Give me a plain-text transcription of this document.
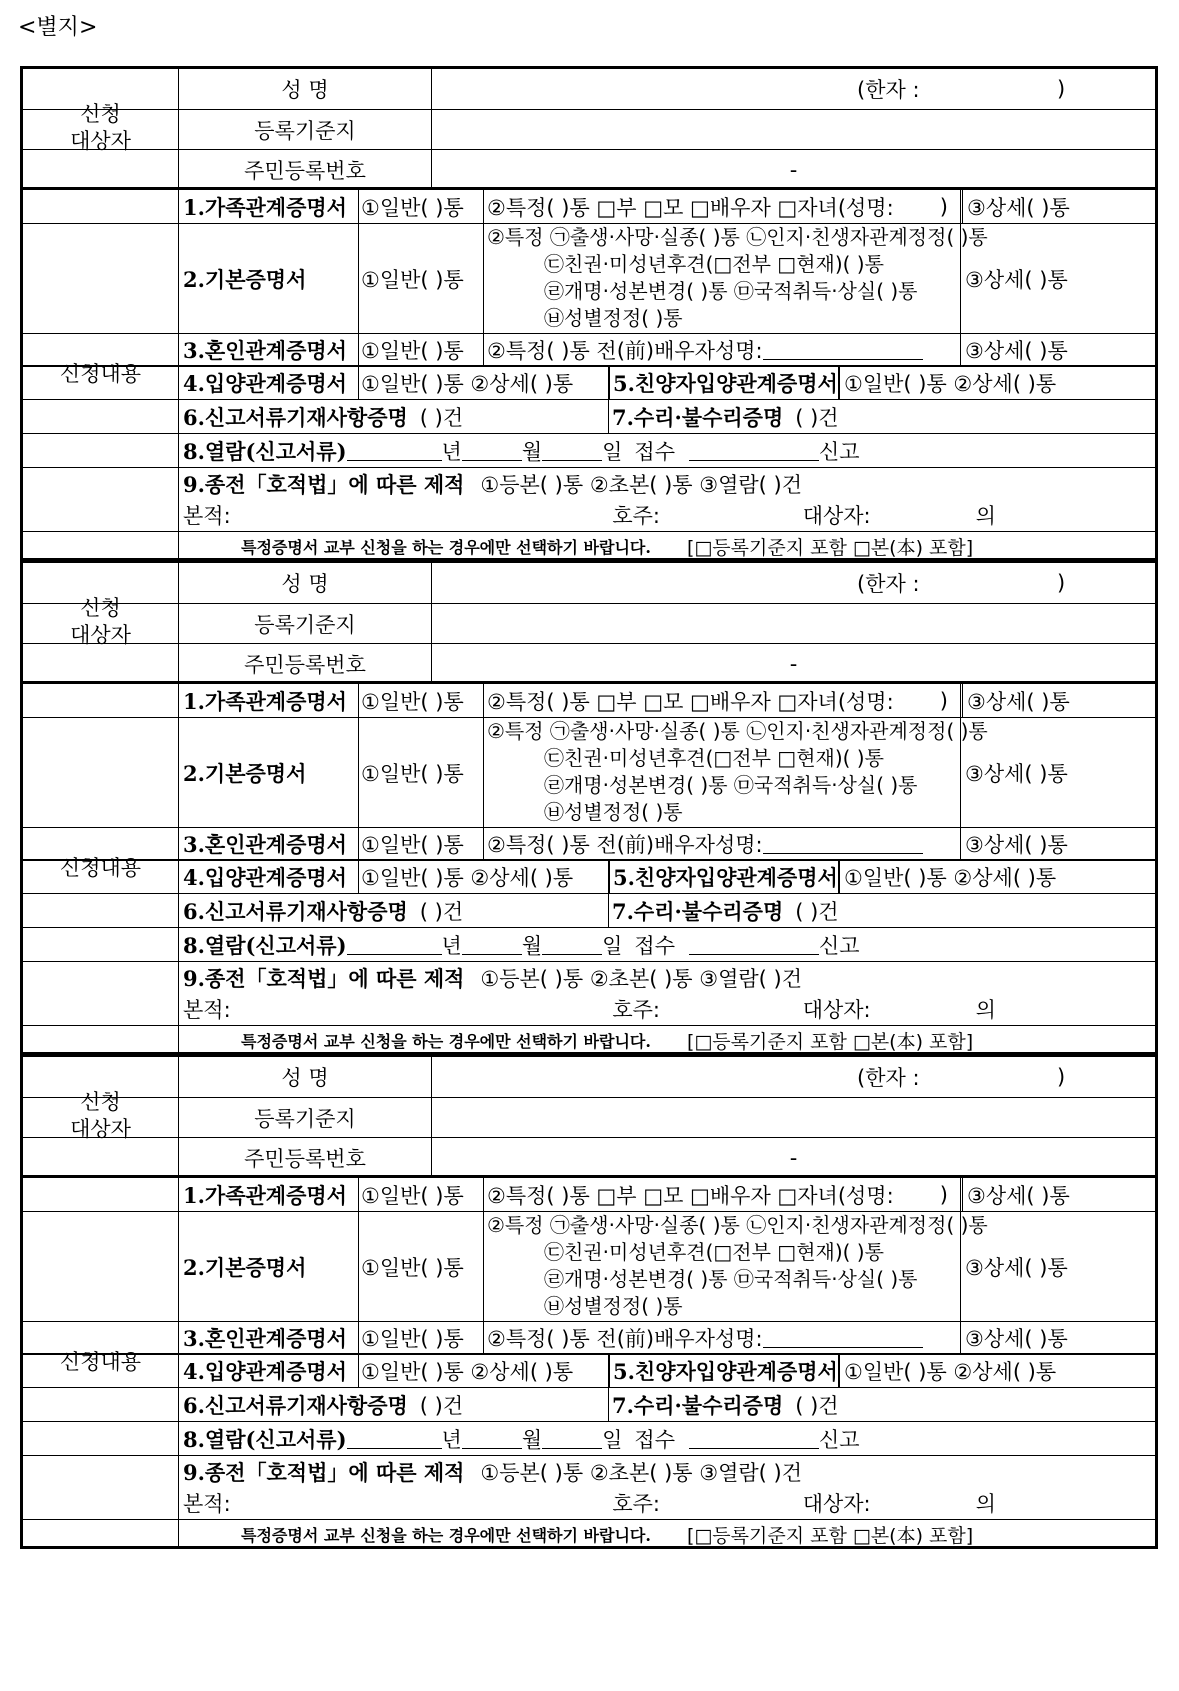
<별지>
신청
대상자
성 명	(한자 :	)
등록기준지
주민등록번호	-
신청내용
1.가족관계증명서 ①일반( )통	②특정( )통 □부 □모 □배우자 □자녀(성명: ) ③상세( )통
2.기본증명서	①일반( )통
②특정 ㉠출생·사망·실종( )통 ㉡인지·친생자관계정정( )통
㉢친권·미성년후견(□전부 □현재)( )통
㉣개명·성본변경( )통 ㉤국적취득·상실( )통
㉥성별정정( )통
③상세( )통
3.혼인관계증명서 ①일반( )통	②특정( )통 전(前)배우자성명:	③상세( )통
4.입양관계증명서 ①일반( )통 ②상세( )통	5.친양자입양관계증명서 ①일반( )통 ②상세( )통
6.신고서류기재사항증명 ( )건	7.수리·불수리증명 ( )건
8.열람(신고서류)	년	월	일 접수	신고
9.종전「호적법」에 따른 제적 ①등본( )통 ②초본( )통 ③열람( )건
본적:	호주:	대상자:	의
특정증명서 교부 신청을 하는 경우에만 선택하기 바랍니다. [□등록기준지 포함 □본(本) 포함]
신청
대상자
성 명	(한자 :	)
등록기준지
주민등록번호	-
신청내용
1.가족관계증명서 ①일반( )통	②특정( )통 □부 □모 □배우자 □자녀(성명: ) ③상세( )통
2.기본증명서	①일반( )통
②특정 ㉠출생·사망·실종( )통 ㉡인지·친생자관계정정( )통
㉢친권·미성년후견(□전부 □현재)( )통
㉣개명·성본변경( )통 ㉤국적취득·상실( )통
㉥성별정정( )통
③상세( )통
3.혼인관계증명서 ①일반( )통	②특정( )통 전(前)배우자성명:	③상세( )통
4.입양관계증명서 ①일반( )통 ②상세( )통	5.친양자입양관계증명서 ①일반( )통 ②상세( )통
6.신고서류기재사항증명 ( )건	7.수리·불수리증명 ( )건
8.열람(신고서류)	년	월	일 접수	신고
9.종전「호적법」에 따른 제적 ①등본( )통 ②초본( )통 ③열람( )건
본적:	호주:	대상자:	의
특정증명서 교부 신청을 하는 경우에만 선택하기 바랍니다. [□등록기준지 포함 □본(本) 포함]
신청
대상자
성 명	(한자 :	)
등록기준지
주민등록번호	-
신청내용
1.가족관계증명서 ①일반( )통	②특정( )통 □부 □모 □배우자 □자녀(성명: ) ③상세( )통
2.기본증명서	①일반( )통
②특정 ㉠출생·사망·실종( )통 ㉡인지·친생자관계정정( )통
㉢친권·미성년후견(□전부 □현재)( )통
㉣개명·성본변경( )통 ㉤국적취득·상실( )통
㉥성별정정( )통
③상세( )통
3.혼인관계증명서 ①일반( )통	②특정( )통 전(前)배우자성명:	③상세( )통
4.입양관계증명서 ①일반( )통 ②상세( )통	5.친양자입양관계증명서 ①일반( )통 ②상세( )통
6.신고서류기재사항증명 ( )건	7.수리·불수리증명 ( )건
8.열람(신고서류)	년	월	일 접수	신고
9.종전「호적법」에 따른 제적 ①등본( )통 ②초본( )통 ③열람( )건
본적:	호주:	대상자:	의
특정증명서 교부 신청을 하는 경우에만 선택하기 바랍니다. [□등록기준지 포함 □본(本) 포함]
